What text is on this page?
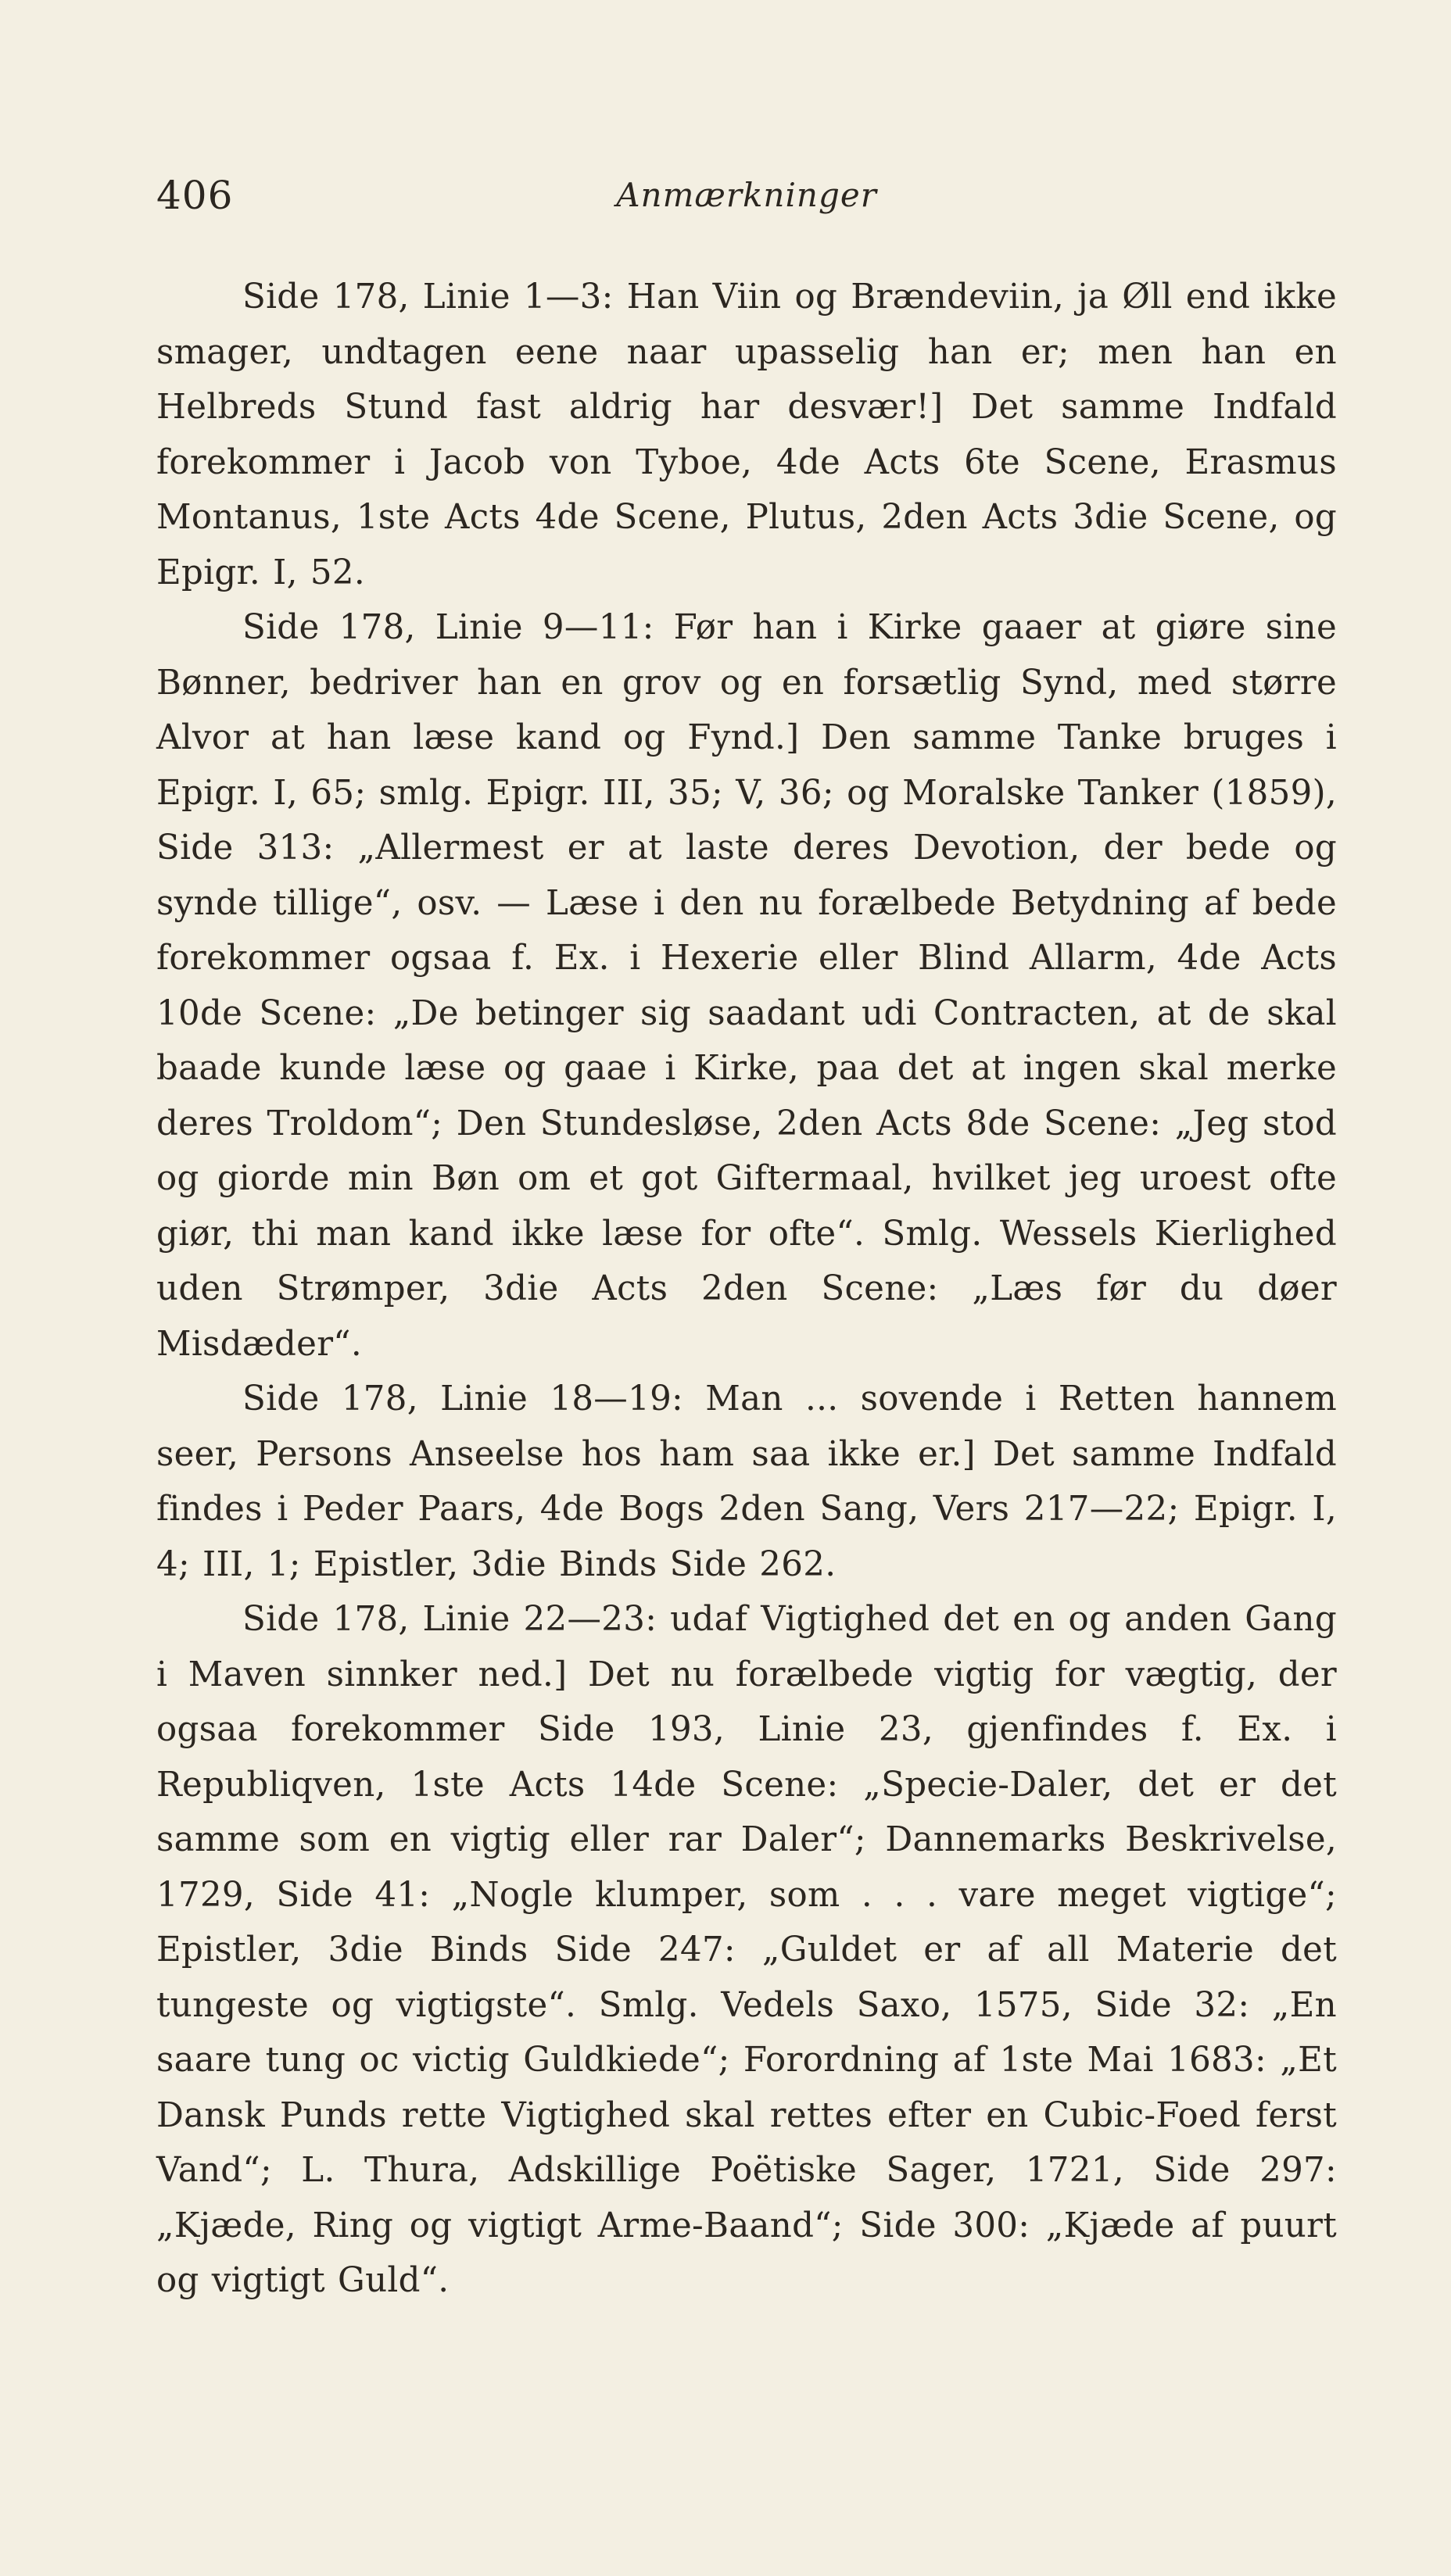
406	Anmærkninger

Side 178, Linie 1—3: Han Viin og Brændeviin, ja Øll end ikke smager, undtagen eene naar upasselig han er; men han en Helbreds Stund fast aldrig har desvær!] Det samme Indfald forekommer i Jacob von Tyboe, 4de Acts 6te Scene, Erasmus Montanus, 1ste Acts 4de Scene, Plutus, 2den Acts 3die Scene, og Epigr. I, 52.

Side 178, Linie 9—11: Før han i Kirke gaaer at giøre sine Bønner, bedriver han en grov og en forsætlig Synd, med større Alvor at han læse kand og Fynd.] Den samme Tanke bruges i Epigr. I, 65; smlg. Epigr. III, 35; V, 36; og Moralske Tanker (1859), Side 313: „Allermest er at laste deres Devotion, der bede og synde tillige“, osv. — Læse i den nu forælbede Betydning af bede forekommer ogsaa f. Ex. i Hexerie eller Blind Allarm, 4de Acts 10de Scene: „De betinger sig saadant udi Contracten, at de skal baade kunde læse og gaae i Kirke, paa det at ingen skal merke deres Troldom“; Den Stundesløse, 2den Acts 8de Scene: „Jeg stod og giorde min Bøn om et got Giftermaal, hvilket jeg uroest ofte giør, thi man kand ikke læse for ofte“. Smlg. Wessels Kierlighed uden Strømper, 3die Acts 2den Scene: „Læs før du døer Misdæder“.

Side 178, Linie 18—19: Man ... sovende i Retten hannem seer, Persons Anseelse hos ham saa ikke er.] Det samme Indfald findes i Peder Paars, 4de Bogs 2den Sang, Vers 217—22; Epigr. I, 4; III, 1; Epistler, 3die Binds Side 262.

Side 178, Linie 22—23: udaf Vigtighed det en og anden Gang i Maven sinnker ned.] Det nu forælbede vigtig for vægtig, der ogsaa forekommer Side 193, Linie 23, gjenfindes f. Ex. i Republiqven, 1ste Acts 14de Scene: „Specie-Daler, det er det samme som en vigtig eller rar Daler“; Dannemarks Beskrivelse, 1729, Side 41: „Nogle klumper, som . . . vare meget vigtige“; Epistler, 3die Binds Side 247: „Guldet er af all Materie det tungeste og vigtigste“. Smlg. Vedels Saxo, 1575, Side 32: „En saare tung oc victig Guldkiede“; Forordning af 1ste Mai 1683: „Et Dansk Punds rette Vigtighed skal rettes efter en Cubic-Foed ferst Vand“; L. Thura, Adskillige Poëtiske Sager, 1721, Side 297: „Kjæde, Ring og vigtigt Arme-Baand“; Side 300: „Kjæde af puurt og vigtigt Guld“.
